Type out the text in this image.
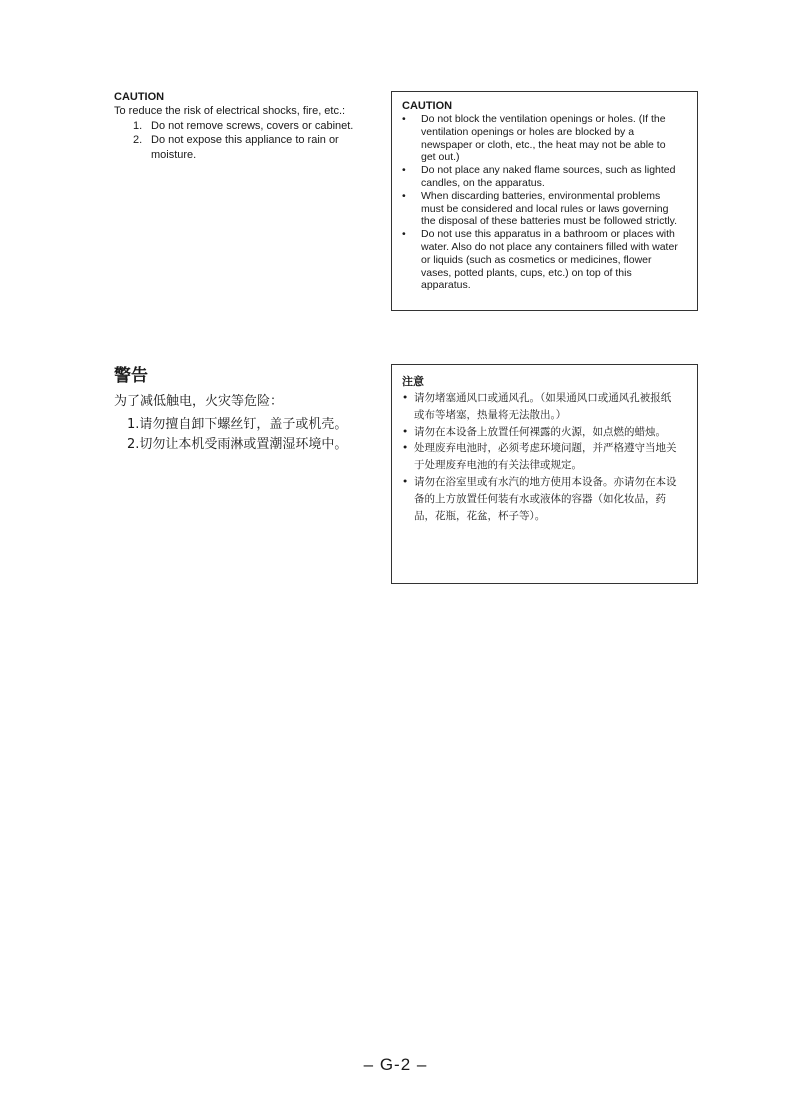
CAUTION
To reduce the risk of electrical shocks, fire, etc.:
1. Do not remove screws, covers or cabinet.
2. Do not expose this appliance to rain or moisture.
CAUTION
• Do not block the ventilation openings or holes. (If the ventilation openings or holes are blocked by a newspaper or cloth, etc., the heat may not be able to get out.)
• Do not place any naked flame sources, such as lighted candles, on the apparatus.
• When discarding batteries, environmental problems must be considered and local rules or laws governing the disposal of these batteries must be followed strictly.
• Do not use this apparatus in a bathroom or places with water. Also do not place any containers filled with water or liquids (such as cosmetics or medicines, flower vases, potted plants, cups, etc.) on top of this apparatus.
警告
为了减低触电，火灾等危险：
1.请勿擅自卸下螺丝钉，盖子或机壳。
2.切勿让本机受雨淋或置潮湿环境中。
注意
• 请勿堵塞通风口或通风孔。（如果通风口或通风孔被报纸或布等堵塞，热量将无法散出。）
• 请勿在本设备上放置任何裸露的火源，如点燃的蜡烛。
• 处理废弃电池时，必须考虑环境问题，并严格遵守当地关于处理废弃电池的有关法律或规定。
• 请勿在浴室里或有水汽的地方使用本设备。亦请勿在本设备的上方放置任何装有水或液体的容器（如化妆品，药品，花瓶，花盆，杯子等）。
– G-2 –
